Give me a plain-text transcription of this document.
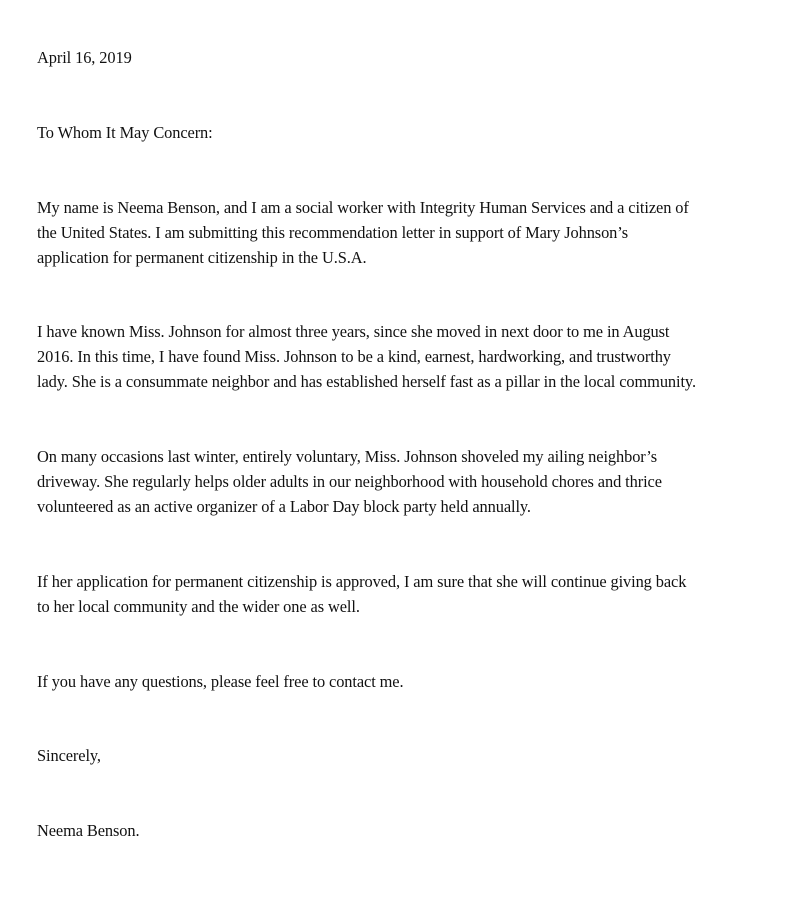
April 16, 2019

To Whom It May Concern:

My name is Neema Benson, and I am a social worker with Integrity Human Services and a citizen of
the United States. I am submitting this recommendation letter in support of Mary Johnson’s
application for permanent citizenship in the U.S.A.

I have known Miss. Johnson for almost three years, since she moved in next door to me in August
2016. In this time, I have found Miss. Johnson to be a kind, earnest, hardworking, and trustworthy
lady. She is a consummate neighbor and has established herself fast as a pillar in the local community.

On many occasions last winter, entirely voluntary, Miss. Johnson shoveled my ailing neighbor’s
driveway. She regularly helps older adults in our neighborhood with household chores and thrice
volunteered as an active organizer of a Labor Day block party held annually.

If her application for permanent citizenship is approved, I am sure that she will continue giving back
to her local community and the wider one as well.

If you have any questions, please feel free to contact me.

Sincerely,

Neema Benson.
